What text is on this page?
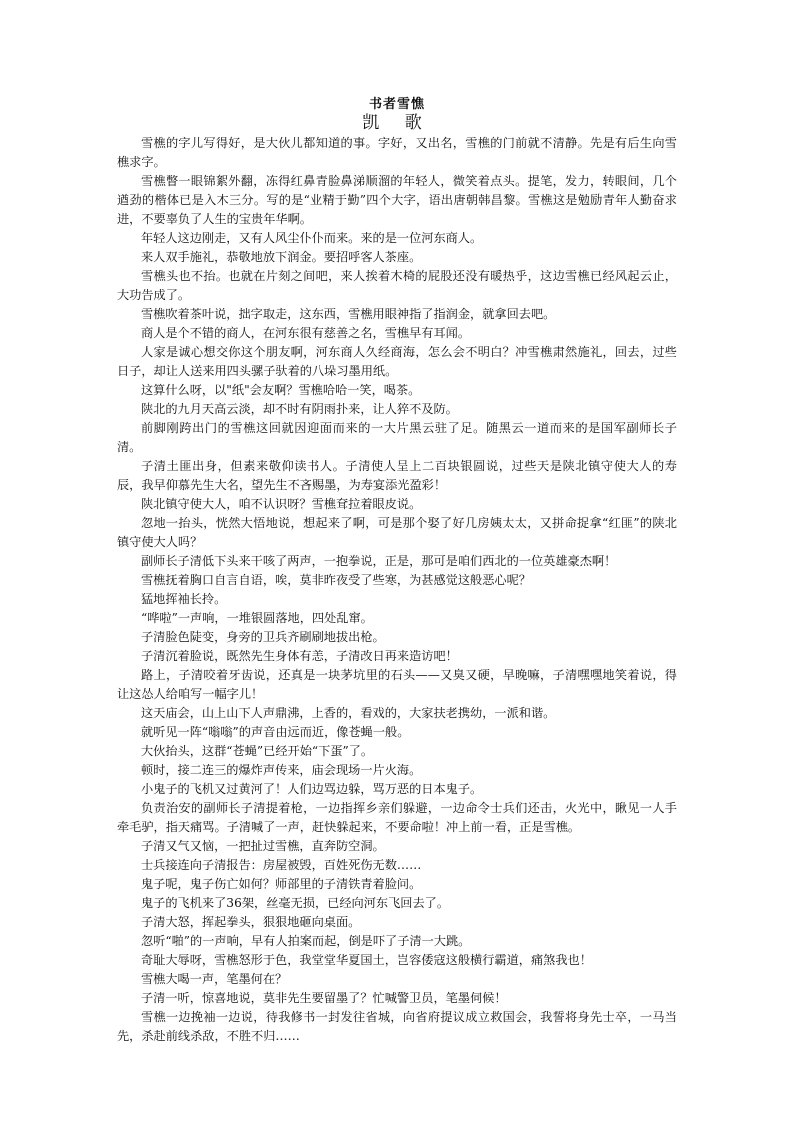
书者雪憔

凯 歌

雪樵的字儿写得好，是大伙儿都知道的事。字好，又出名，雪樵的门前就不清静。先是有后生向雪樵求字。

雪樵瞥一眼锦絮外翻，冻得红鼻青脸鼻涕顺溜的年轻人，微笑着点头。提笔，发力，转眼间，几个遒劲的楷体已是入木三分。写的是“业精于勤”四个大字，语出唐朝韩昌黎。雪樵这是勉励青年人勤奋求进，不要辜负了人生的宝贵年华啊。

年轻人这边刚走，又有人风尘仆仆而来。来的是一位河东商人。

来人双手施礼，恭敬地放下润金。要招呼客人茶座。

雪樵头也不抬。也就在片刻之间吧，来人挨着木椅的屁股还没有暖热乎，这边雪樵已经风起云止，大功告成了。

雪樵吹着茶叶说，拙字取走，这东西，雪樵用眼神指了指润金，就拿回去吧。

商人是个不错的商人，在河东很有慈善之名，雪樵早有耳闻。

人家是诚心想交你这个朋友啊，河东商人久经商海，怎么会不明白？冲雪樵肃然施礼，回去，过些日子，却让人送来用四头骡子驮着的八垛习墨用纸。

这算什么呀，以"纸"会友啊？雪樵哈哈一笑，喝茶。

陕北的九月天高云淡，却不时有阴雨扑来，让人猝不及防。

前脚刚跨出门的雪樵这回就因迎面而来的一大片黑云驻了足。随黑云一道而来的是国军副师长子清。

子清土匪出身，但素来敬仰读书人。子清使人呈上二百块银圆说，过些天是陕北镇守使大人的寿辰，我早仰慕先生大名，望先生不吝赐墨，为寿宴添光盈彩！

陕北镇守使大人，咱不认识呀？雪樵耷拉着眼皮说。

忽地一抬头，恍然大悟地说，想起来了啊，可是那个娶了好几房姨太太，又拼命捉拿“红匪”的陕北镇守使大人吗？

副师长子清低下头来干咳了两声，一抱拳说，正是，那可是咱们西北的一位英雄豪杰啊！

雪樵抚着胸口自言自语，唉，莫非昨夜受了些寒，为甚感觉这般恶心呢？

猛地挥袖长拎。

“哗啦”一声响，一堆银圆落地，四处乱窜。

子清脸色陡变，身旁的卫兵齐刷刷地拔出枪。

子清沉着脸说，既然先生身体有恙，子清改日再来造访吧！

路上，子清咬着牙齿说，还真是一块茅坑里的石头——又臭又硬，早晚嘛，子清嘿嘿地笑着说，得让这怂人给咱写一幅字儿！

这天庙会，山上山下人声鼎沸，上香的，看戏的，大家扶老携幼，一派和谐。

就听见一阵“嗡嗡”的声音由远而近，像苍蝇一般。

大伙抬头，这群“苍蝇”已经开始“下蛋”了。

顿时，接二连三的爆炸声传来，庙会现场一片火海。

小鬼子的飞机又过黄河了！人们边骂边躲，骂万恶的日本鬼子。

负责治安的副师长子清提着枪，一边指挥乡亲们躲避，一边命令士兵们还击，火光中，瞅见一人手牵毛驴，指天痛骂。子清喊了一声，赶快躲起来，不要命啦！冲上前一看，正是雪樵。

子清又气又恼，一把扯过雪樵，直奔防空洞。

士兵接连向子清报告：房屋被毁，百姓死伤无数……

鬼子呢，鬼子伤亡如何？师部里的子清铁青着脸问。

鬼子的飞机来了36架，丝毫无损，已经向河东飞回去了。

子清大怒，挥起拳头，狠狠地砸向桌面。

忽听“啪”的一声响，早有人拍案而起，倒是吓了子清一大跳。

奇耻大辱呀，雪樵怒形于色，我堂堂华夏国土，岂容倭寇这般横行霸道，痛煞我也！

雪樵大喝一声，笔墨何在？

子清一听，惊喜地说，莫非先生要留墨了？忙喊警卫员，笔墨伺候！

雪樵一边挽袖一边说，待我修书一封发往省城，向省府提议成立救国会，我誓将身先士卒，一马当先，杀赴前线杀敌，不胜不归……
